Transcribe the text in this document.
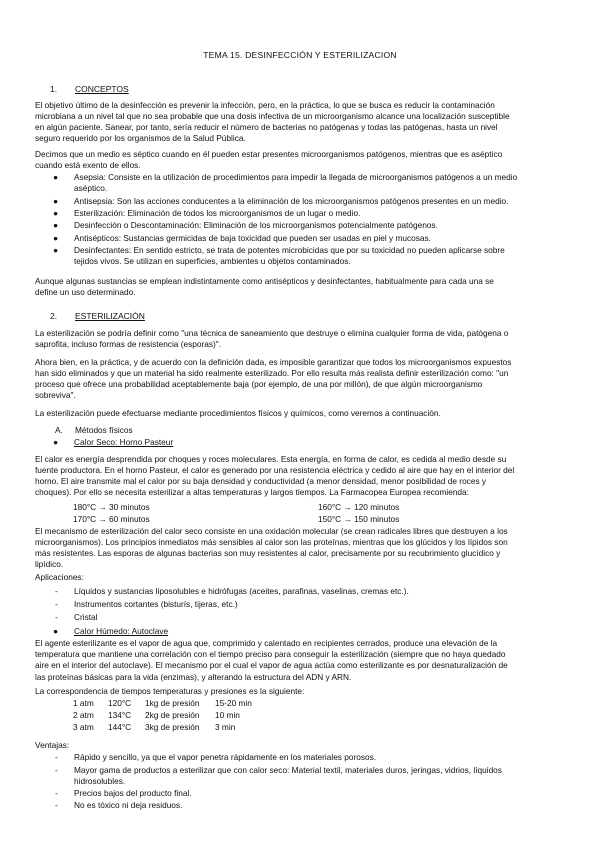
TEMA 15. DESINFECCIÓN Y ESTERILIZACION
1. CONCEPTOS
El objetivo último de la desinfección es prevenir la infección, pero, en la práctica, lo que se busca es reducir la contaminación
microbiana a un nivel tal que no sea probable que una dosis infectiva de un microorganismo alcance una localización susceptible
en algún paciente. Sanear, por tanto, sería reducir el número de bacterias no patógenas y todas las patógenas, hasta un nivel
seguro requerido por los organismos de la Salud Pública.
Decimos que un medio es séptico cuando en él pueden estar presentes microorganismos patógenos, mientras que es aséptico
cuando está exento de ellos.
● Asepsia: Consiste en la utilización de procedimientos para impedir la llegada de microorganismos patógenos a un medio
aséptico.
● Antisepsia: Son las acciones conducentes a la eliminación de los microorganismos patógenos presentes en un medio.
● Esterilización: Eliminación de todos los microorganismos de un lugar o medio.
● Desinfección o Descontaminación: Eliminación de los microorganismos potencialmente patógenos.
● Antisépticos: Sustancias germicidas de baja toxicidad que pueden ser usadas en piel y mucosas.
● Desinfectantes: En sentido estricto, se trata de potentes microbicidas que por su toxicidad no pueden aplicarse sobre
tejidos vivos. Se utilizan en superficies, ambientes u objetos contaminados.
Aunque algunas sustancias se emplean indistintamente como antisépticos y desinfectantes, habitualmente para cada una se
define un uso determinado.
2. ESTERILIZACIÓN
La esterilización se podría definir como "una técnica de saneamiento que destruye o elimina cualquier forma de vida, patógena o
saprofita, incluso formas de resistencia (esporas)".
Ahora bien, en la práctica, y de acuerdo con la definición dada, es imposible garantizar que todos los microorganismos expuestos
han sido eliminados y que un material ha sido realmente esterilizado. Por ello resulta más realista definir esterilización como: "un
proceso que ofrece una probabilidad aceptablemente baja (por ejemplo, de una por millón), de que algún microorganismo
sobreviva".
La esterilización puede efectuarse mediante procedimientos físicos y químicos, como veremos a continuación.
A. Métodos físicos
● Calor Seco: Horno Pasteur
El calor es energía desprendida por choques y roces moleculares. Esta energía, en forma de calor, es cedida al medio desde su
fuente productora. En el horno Pasteur, el calor es generado por una resistencia eléctrica y cedido al aire que hay en el interior del
horno. El aire transmite mal el calor por su baja densidad y conductividad (a menor densidad, menor posibilidad de roces y
choques). Por ello se necesita esterilizar a altas temperaturas y largos tiempos. La Farmacopea Europea recomienda:
180°C → 30 minutos	160°C → 120 minutos
170°C → 60 minutos	150°C → 150 minutos
El mecanismo de esterilización del calor seco consiste en una oxidación molecular (se crean radicales libres que destruyen a los
microorganismos). Los principios inmediatos más sensibles al calor son las proteínas, mientras que los glúcidos y los lípidos son
más resistentes. Las esporas de algunas bacterias son muy resistentes al calor, precisamente por su recubrimiento glucídico y
lipídico.
Aplicaciones:
- Líquidos y sustancias liposolubles e hidrófugas (aceites, parafinas, vaselinas, cremas etc.).
- Instrumentos cortantes (bisturís, tijeras, etc.)
- Cristal
● Calor Húmedo: Autoclave
El agente esterilizante es el vapor de agua que, comprimido y calentado en recipientes cerrados, produce una elevación de la
temperatura que mantiene una correlación con el tiempo preciso para conseguir la esterilización (siempre que no haya quedado
aire en el interior del autoclave). El mecanismo por el cual el vapor de agua actúa como esterilizante es por desnaturalización de
las proteínas básicas para la vida (enzimas), y alterando la estructura del ADN y ARN.
La correspondencia de tiempos temperaturas y presiones es la siguiente:
1 atm 120°C 1kg de presión 15-20 min
2 atm 134°C 2kg de presión 10 min
3 atm 144°C 3kg de presión 3 min
Ventajas:
- Rápido y sencillo, ya que el vapor penetra rápidamente en los materiales porosos.
- Mayor gama de productos a esterilizar que con calor seco: Material textil, materiales duros, jeringas, vidrios, líquidos
hidrosolubles.
- Precios bajos del producto final.
- No es tóxico ni deja residuos.
